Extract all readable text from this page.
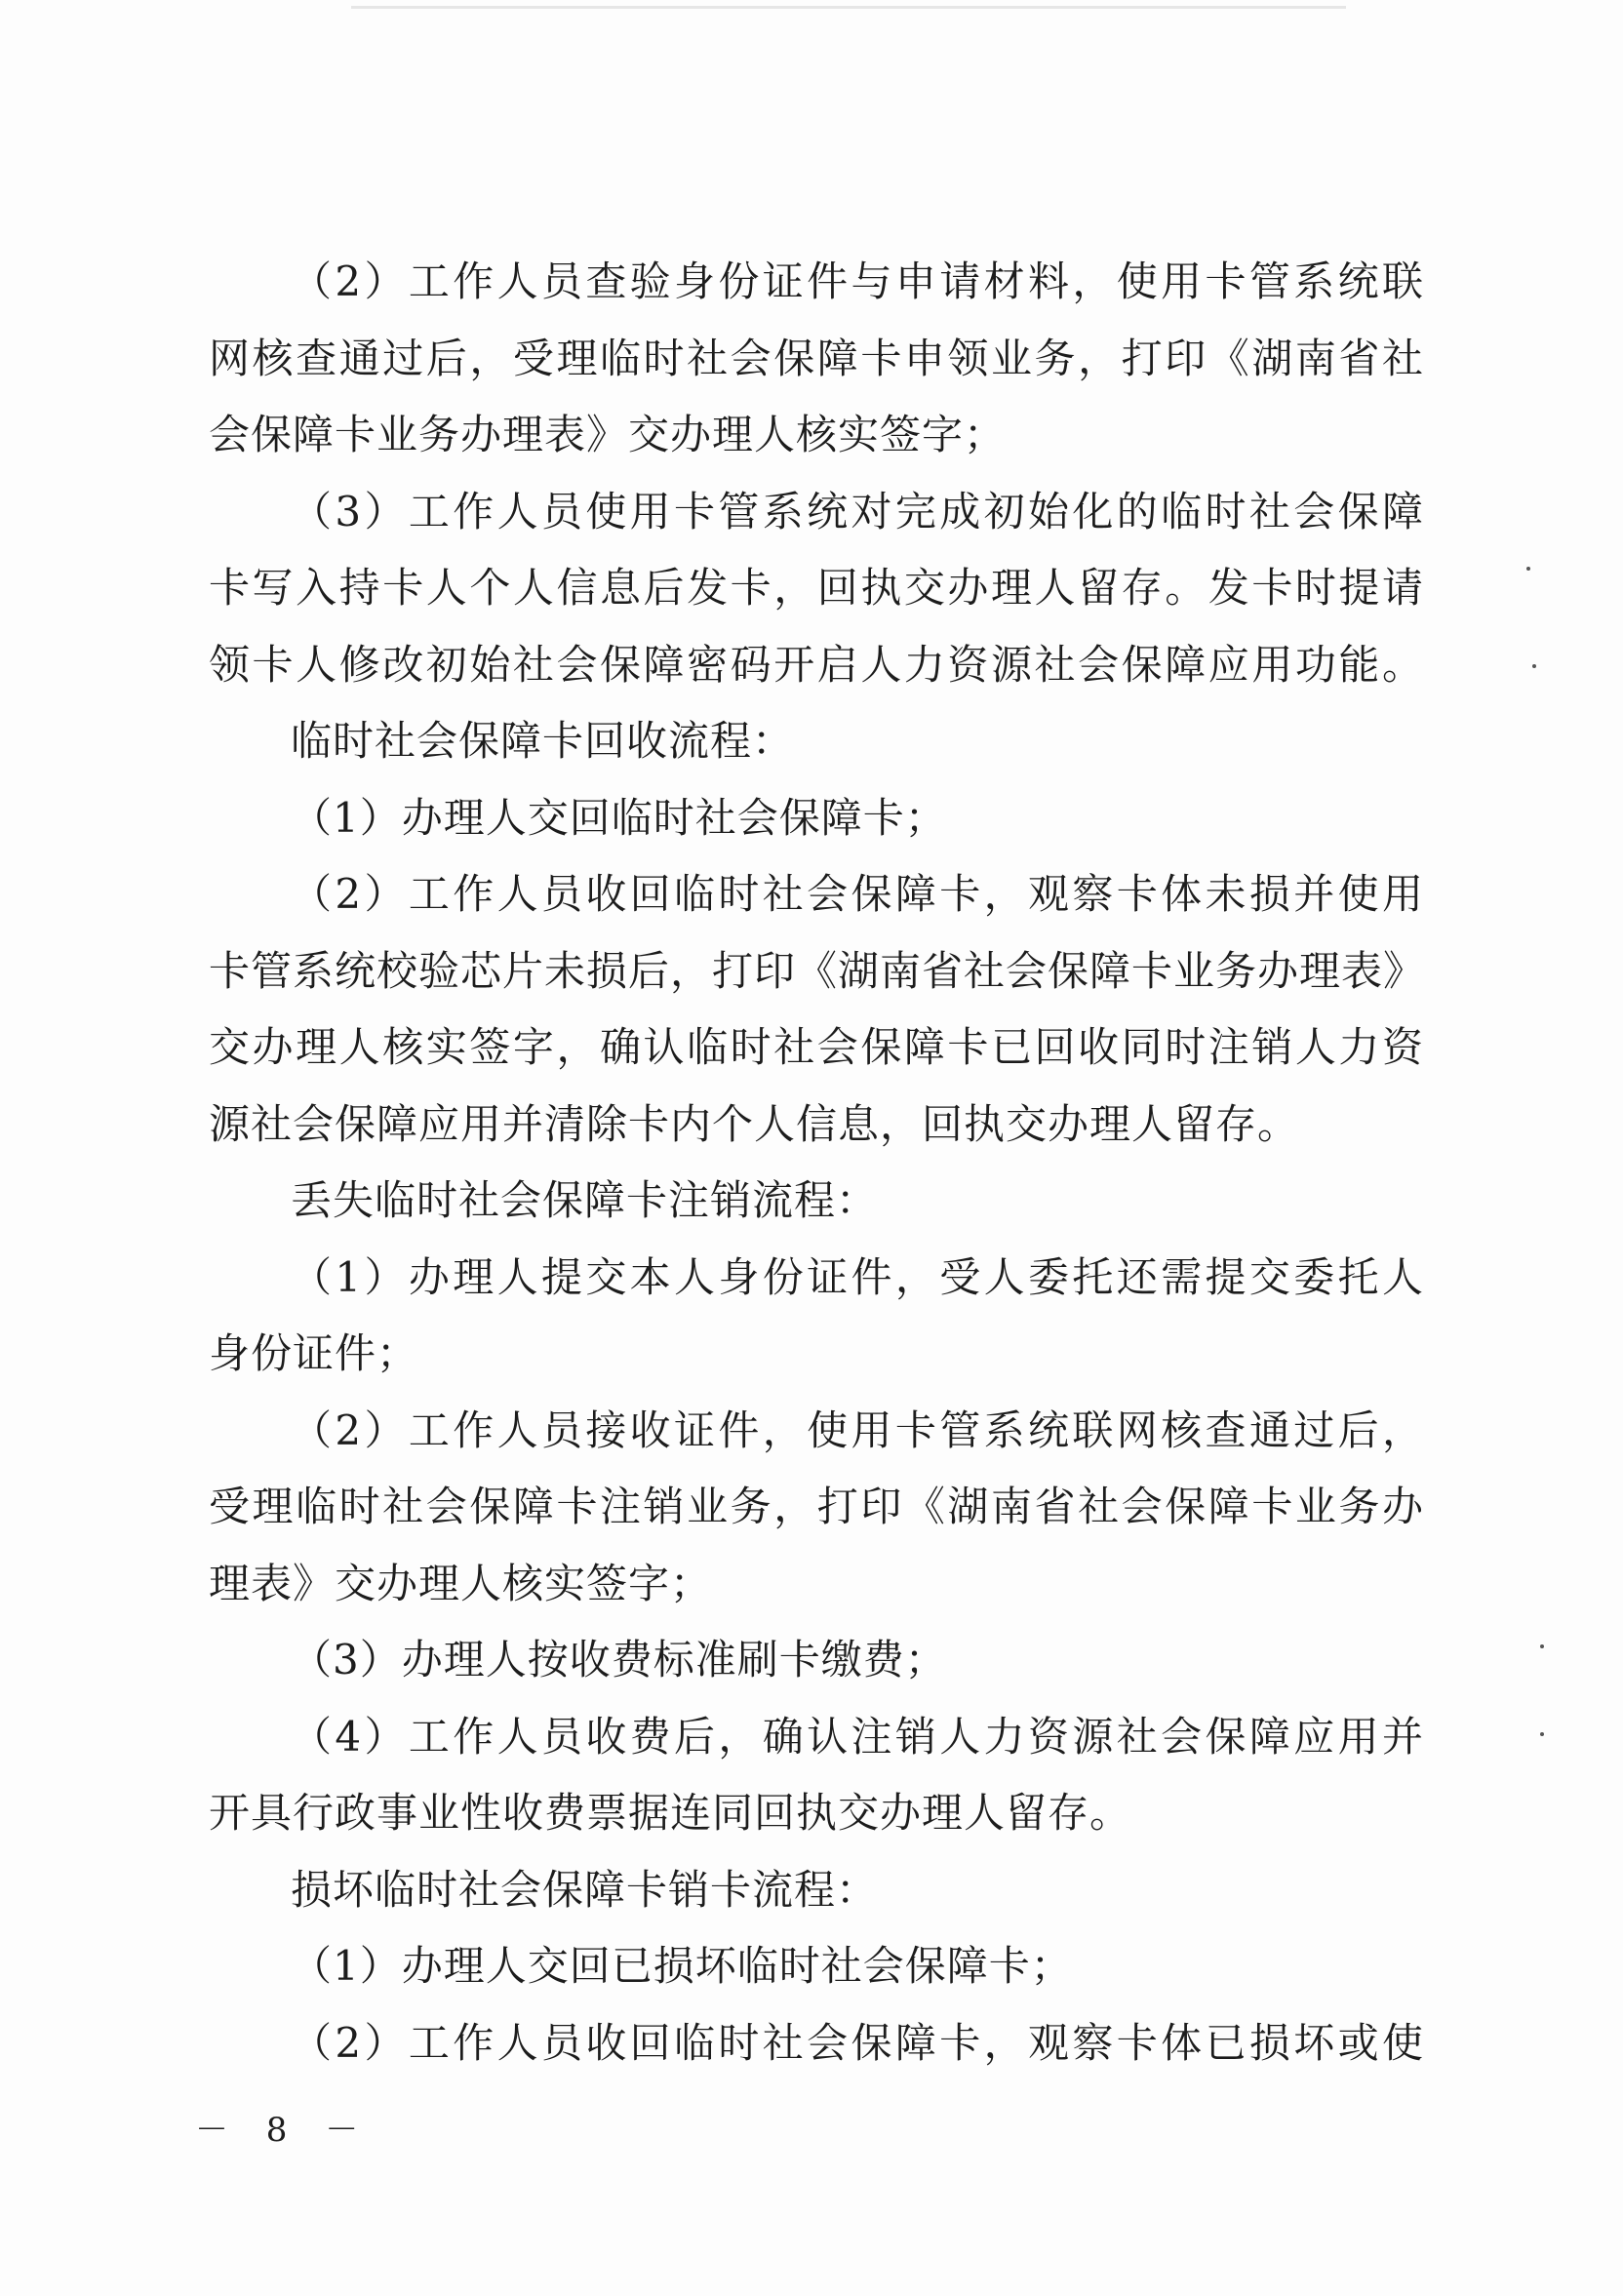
（2）工作人员查验身份证件与申请材料，使用卡管系统联
网核查通过后，受理临时社会保障卡申领业务，打印《湖南省社
会保障卡业务办理表》交办理人核实签字；
（3）工作人员使用卡管系统对完成初始化的临时社会保障
卡写入持卡人个人信息后发卡，回执交办理人留存。发卡时提请
领卡人修改初始社会保障密码开启人力资源社会保障应用功能。
临时社会保障卡回收流程：
（1）办理人交回临时社会保障卡；
（2）工作人员收回临时社会保障卡，观察卡体未损并使用
卡管系统校验芯片未损后，打印《湖南省社会保障卡业务办理表》
交办理人核实签字，确认临时社会保障卡已回收同时注销人力资
源社会保障应用并清除卡内个人信息，回执交办理人留存。
丢失临时社会保障卡注销流程：
（1）办理人提交本人身份证件，受人委托还需提交委托人
身份证件；
（2）工作人员接收证件，使用卡管系统联网核查通过后，
受理临时社会保障卡注销业务，打印《湖南省社会保障卡业务办
理表》交办理人核实签字；
（3）办理人按收费标准刷卡缴费；
（4）工作人员收费后，确认注销人力资源社会保障应用并
开具行政事业性收费票据连同回执交办理人留存。
损坏临时社会保障卡销卡流程：
（1）办理人交回已损坏临时社会保障卡；
（2）工作人员收回临时社会保障卡，观察卡体已损坏或使
－ 8 －
